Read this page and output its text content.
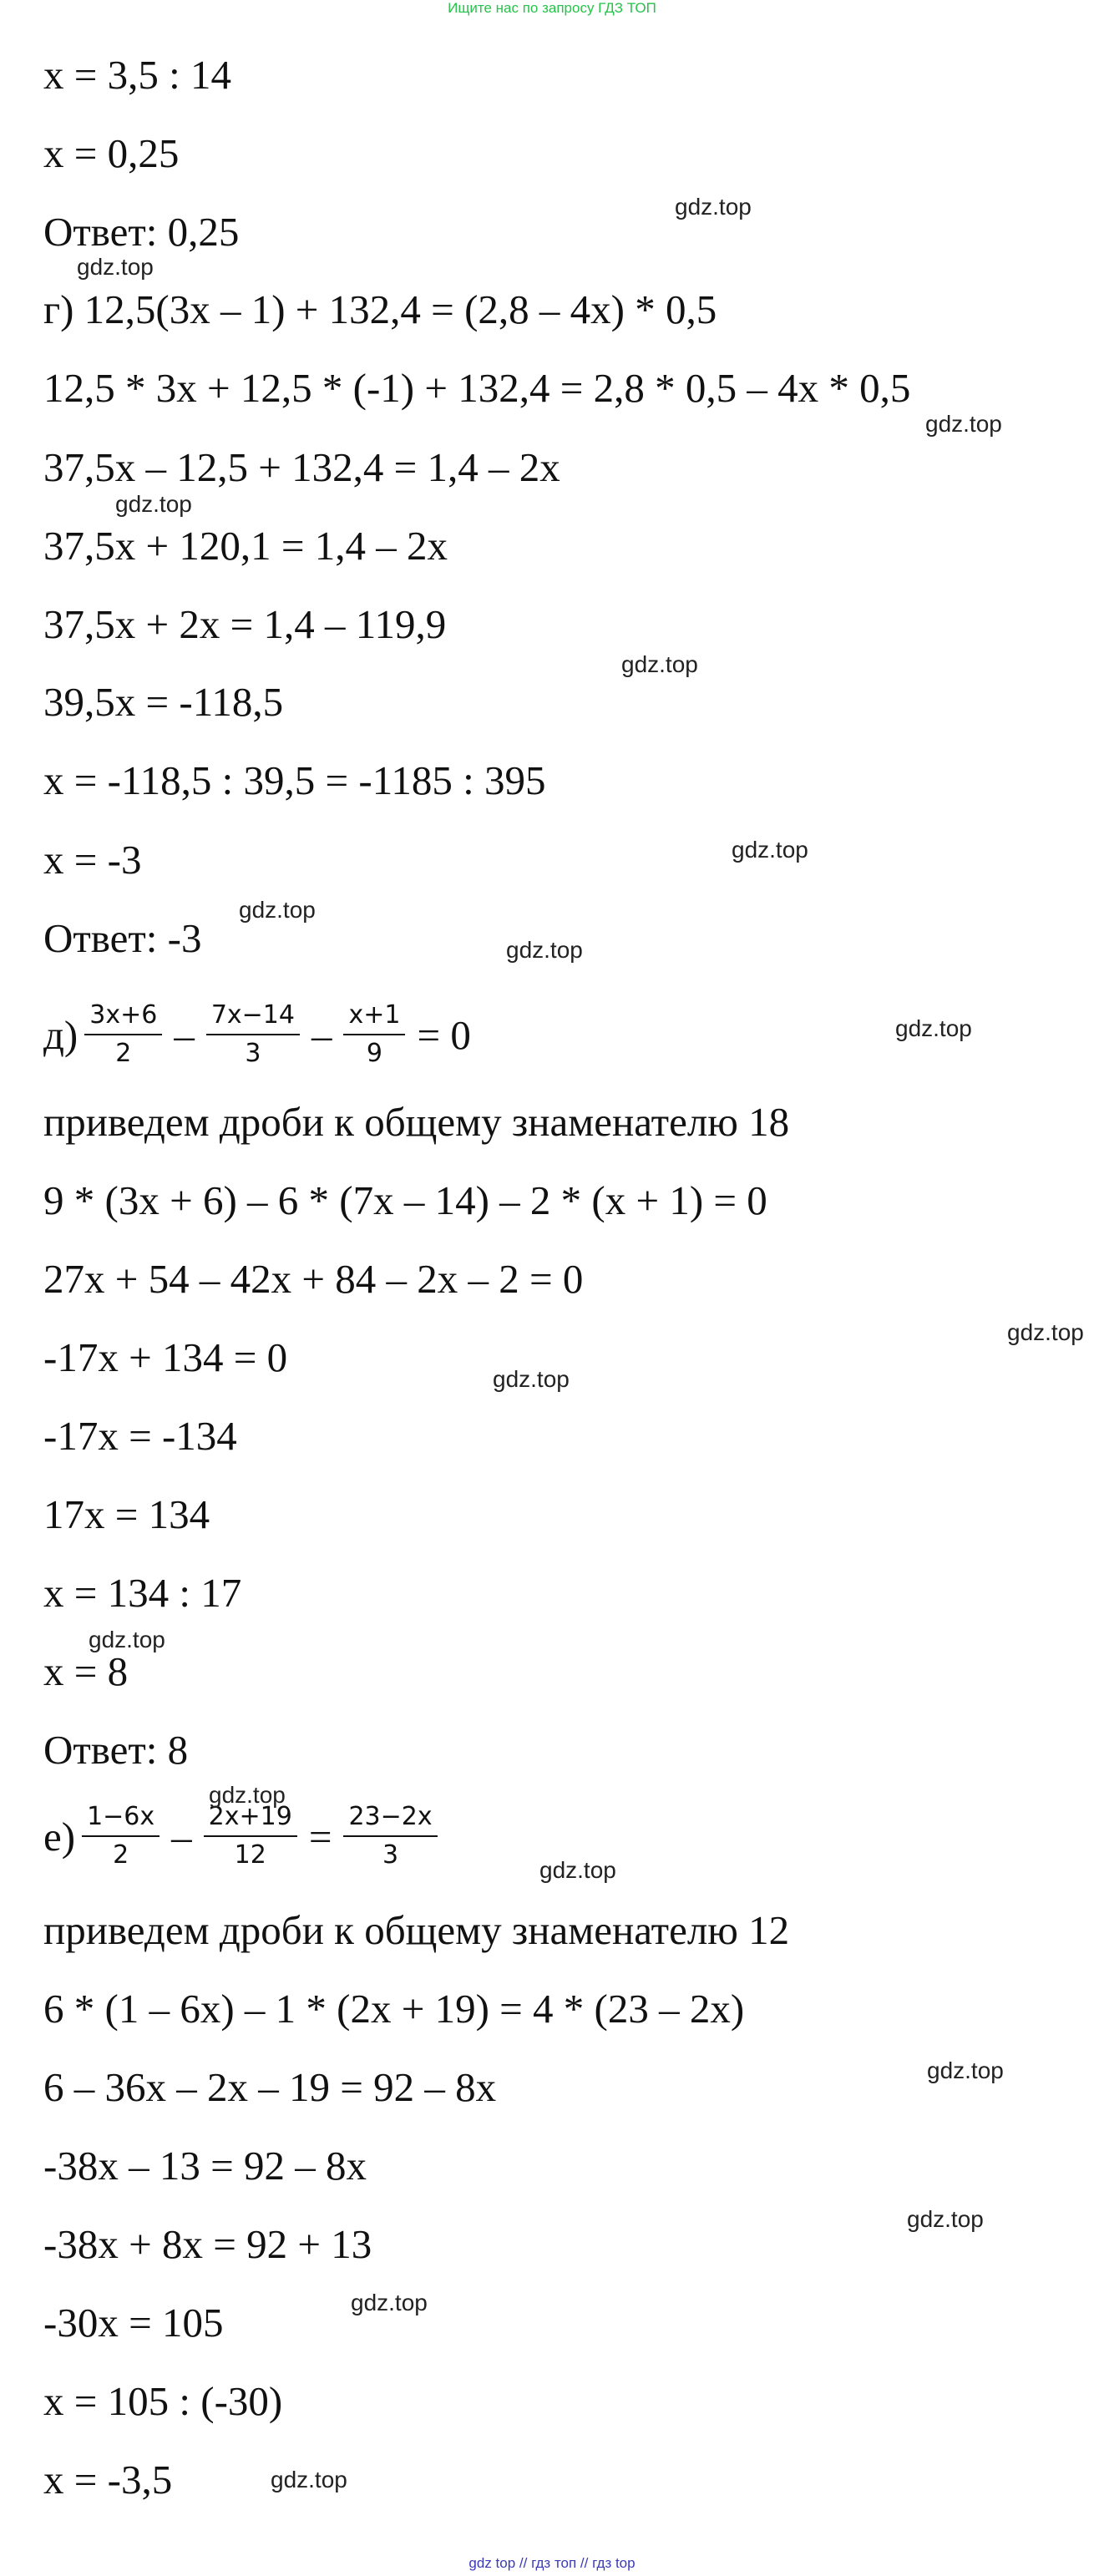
Ищите нас по запросу ГДЗ ТОП
x = 3,5 : 14
x = 0,25
Ответ: 0,25
г) 12,5(3x – 1) + 132,4 = (2,8 – 4x) * 0,5
12,5 * 3x + 12,5 * (-1) + 132,4 = 2,8 * 0,5 – 4x * 0,5
37,5x – 12,5 + 132,4 = 1,4 – 2x
37,5x + 120,1 = 1,4 – 2x
37,5x + 2x = 1,4 – 119,9
39,5x = -118,5
x = -118,5 : 39,5 = -1185 : 395
x = -3
Ответ: -3
$д) \frac{3x+6}{2} - \frac{7x-14}{3} - \frac{x+1}{9} = 0$
приведем дроби к общему знаменателю 18
9 * (3x + 6) – 6 * (7x – 14) – 2 * (x + 1) = 0
27x + 54 – 42x + 84 – 2x – 2 = 0
-17x + 134 = 0
-17x = -134
17x = 134
x = 134 : 17
x = 8
Ответ: 8
$е) \frac{1-6x}{2} - \frac{2x+19}{12} = \frac{23-2x}{3}$
приведем дроби к общему знаменателю 12
6 * (1 – 6x) – 1 * (2x + 19) = 4 * (23 – 2x)
6 – 36x – 2x – 19 = 92 – 8x
-38x – 13 = 92 – 8x
-38x + 8x = 92 + 13
-30x = 105
x = 105 : (-30)
x = -3,5
gdz.top
gdz.top
gdz.top
gdz.top
gdz.top
gdz.top
gdz.top
gdz.top
gdz.top
gdz.top
gdz.top
gdz.top
gdz.top
gdz.top
gdz.top
gdz.top
gdz.top
gdz.top
gdz top // гдз топ // гдз top
